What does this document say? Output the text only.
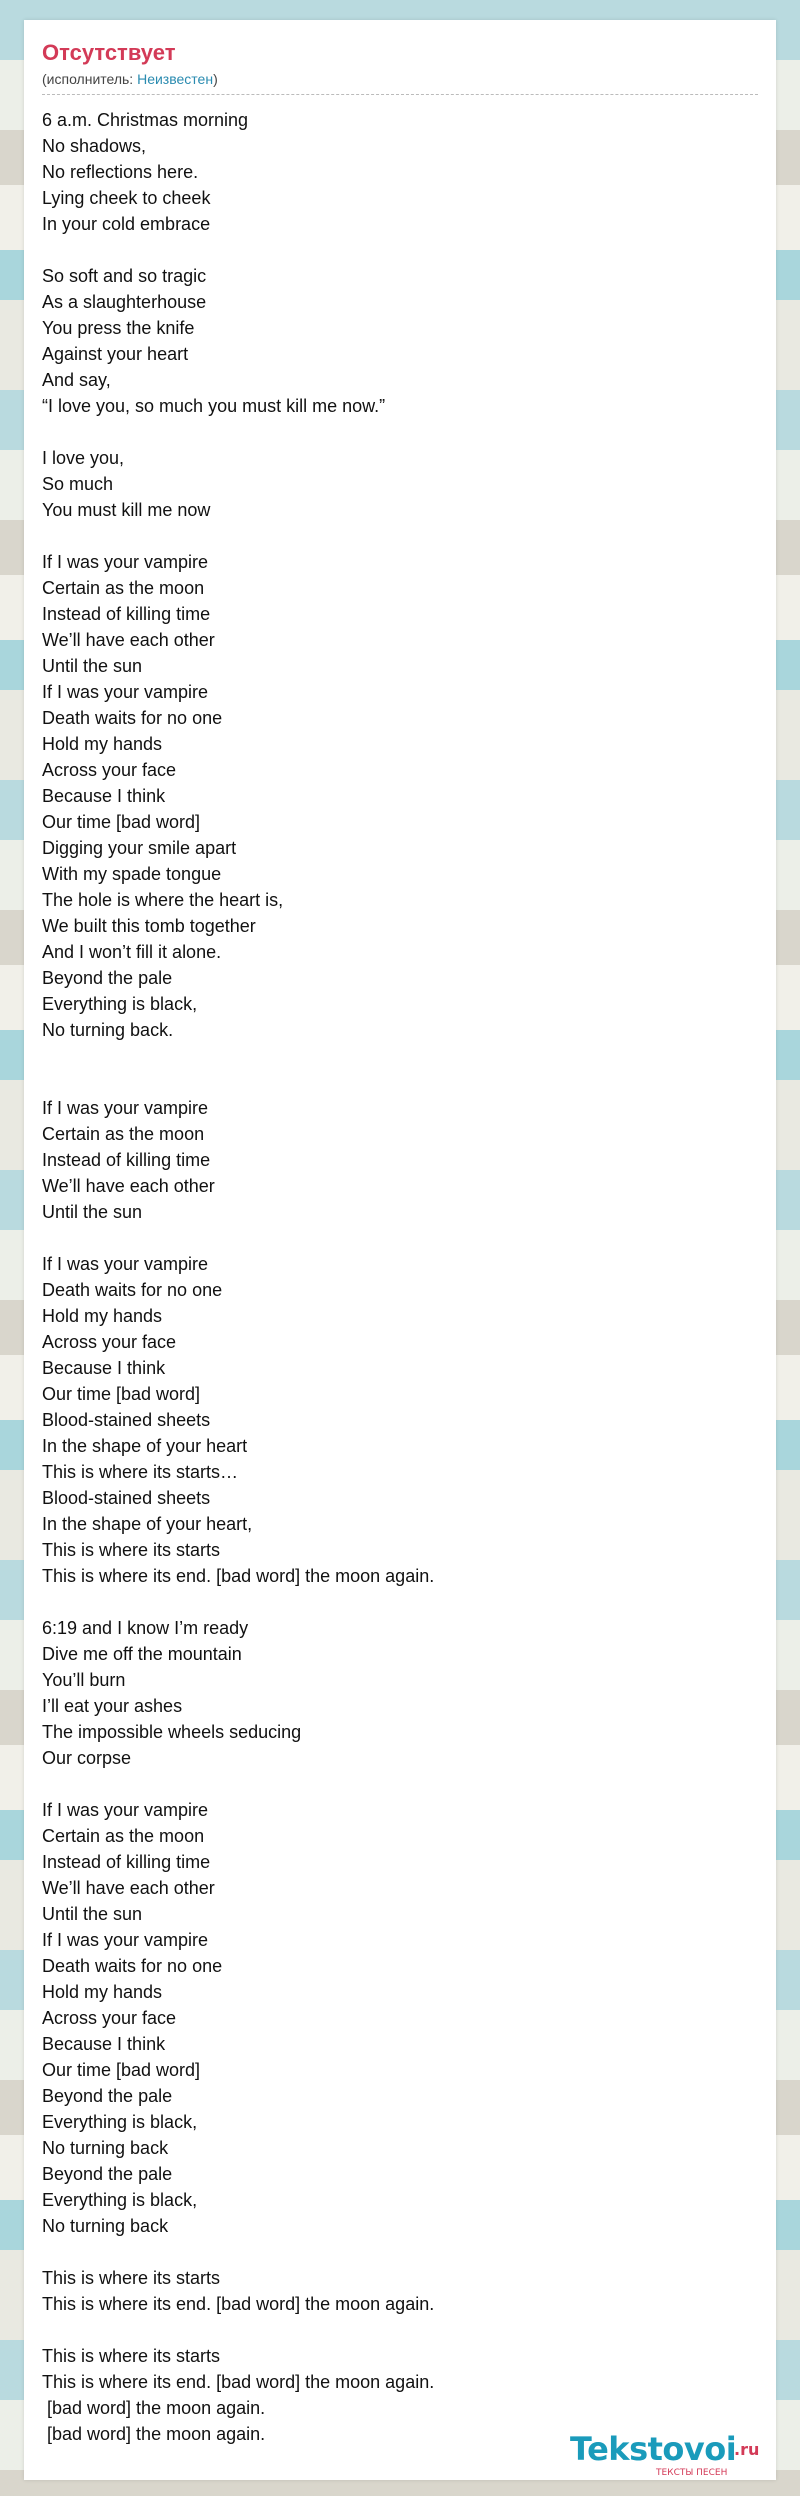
Отсутствует
(исполнитель: Неизвестен)
6 a.m. Christmas morning
No shadows,
No reflections here.
Lying cheek to cheek
In your cold embrace
So soft and so tragic
As a slaughterhouse
You press the knife
Against your heart
And say,
“I love you, so much you must kill me now.”
I love you,
So much
You must kill me now
If I was your vampire
Certain as the moon
Instead of killing time
We’ll have each other
Until the sun
If I was your vampire
Death waits for no one
Hold my hands
Across your face
Because I think
Our time [bad word]
Digging your smile apart
With my spade tongue
The hole is where the heart is,
We built this tomb together
And I won’t fill it alone.
Beyond the pale
Everything is black,
No turning back.
If I was your vampire
Certain as the moon
Instead of killing time
We’ll have each other
Until the sun
If I was your vampire
Death waits for no one
Hold my hands
Across your face
Because I think
Our time [bad word]
Blood-stained sheets
In the shape of your heart
This is where its starts…
Blood-stained sheets
In the shape of your heart,
This is where its starts
This is where its end. [bad word] the moon again.
6:19 and I know I’m ready
Dive me off the mountain
You’ll burn
I’ll eat your ashes
The impossible wheels seducing
Our corpse
If I was your vampire
Certain as the moon
Instead of killing time
We’ll have each other
Until the sun
If I was your vampire
Death waits for no one
Hold my hands
Across your face
Because I think
Our time [bad word]
Beyond the pale
Everything is black,
No turning back
Beyond the pale
Everything is black,
No turning back
This is where its starts
This is where its end. [bad word] the moon again.
This is where its starts
This is where its end. [bad word] the moon again.
[bad word] the moon again.
[bad word] the moon again.	Tekstovoi
.ru
ТЕКСТЫ ПЕСЕН
